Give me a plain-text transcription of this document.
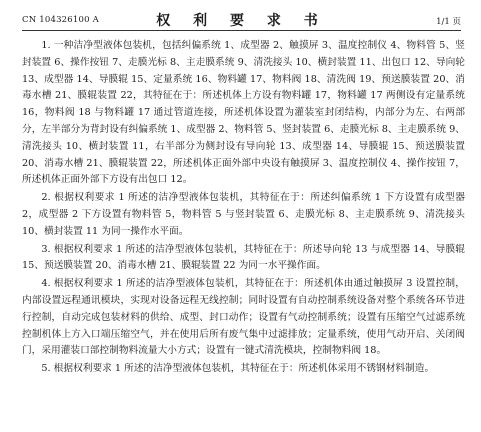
CN 104326100 A	权 利 要 求 书	1/1 页

1. 一种洁净型液体包装机，包括纠偏系统 1、成型器 2、触摸屏 3、温度控制仪 4、物料管 5、竖封装置 6、操作按钮 7、走膜光标 8、主走膜系统 9、清洗接头 10、横封装置 11、出包口 12、导向轮 13、成型器 14、导膜辊 15、定量系统 16、物料罐 17、物料阀 18、清洗阀 19、预送膜装置 20、消毒水槽 21、膜辊装置 22，其特征在于：所述机体上方设有物料罐 17，物料罐 17 两侧设有定量系统 16，物料阀 18 与物料罐 17 通过管道连接，所述机体设置为灌装室封闭结构，内部分为左、右两部分，左半部分为背封设有纠偏系统 1、成型器 2、物料管 5、竖封装置 6、走膜光标 8、主走膜系统 9、清洗接头 10、横封装置 11，右半部分为侧封设有导向轮 13、成型器 14、导膜辊 15、预送膜装置 20、消毒水槽 21、膜辊装置 22，所述机体正面外部中央设有触摸屏 3、温度控制仪 4、操作按钮 7，所述机体正面外部下方设有出包口 12。

2. 根据权利要求 1 所述的洁净型液体包装机，其特征在于：所述纠偏系统 1 下方设置有成型器 2，成型器 2 下方设置有物料管 5，物料管 5 与竖封装置 6、走膜光标 8、主走膜系统 9、清洗接头 10、横封装置 11 为同一操作水平面。

3. 根据权利要求 1 所述的洁净型液体包装机，其特征在于：所述导向轮 13 与成型器 14、导膜辊 15、预送膜装置 20、消毒水槽 21、膜辊装置 22 为同一水平操作面。

4. 根据权利要求 1 所述的洁净型液体包装机，其特征在于：所述机体由通过触摸屏 3 设置控制，内部设置远程通讯模块，实现对设备远程无线控制；同时设置有自动控制系统设备对整个系统各环节进行控制，自动完成包装材料的供给、成型、封口动作；设置有气动控制系统；设置有压缩空气过滤系统控制机体上方入口端压缩空气，并在使用后所有废气集中过滤排放；定量系统，使用气动开启、关闭阀门，采用灌装口部控制物料流量大小方式；设置有一键式清洗模块，控制物料阀 18。

5. 根据权利要求 1 所述的洁净型液体包装机，其特征在于：所述机体采用不锈钢材料制造。
